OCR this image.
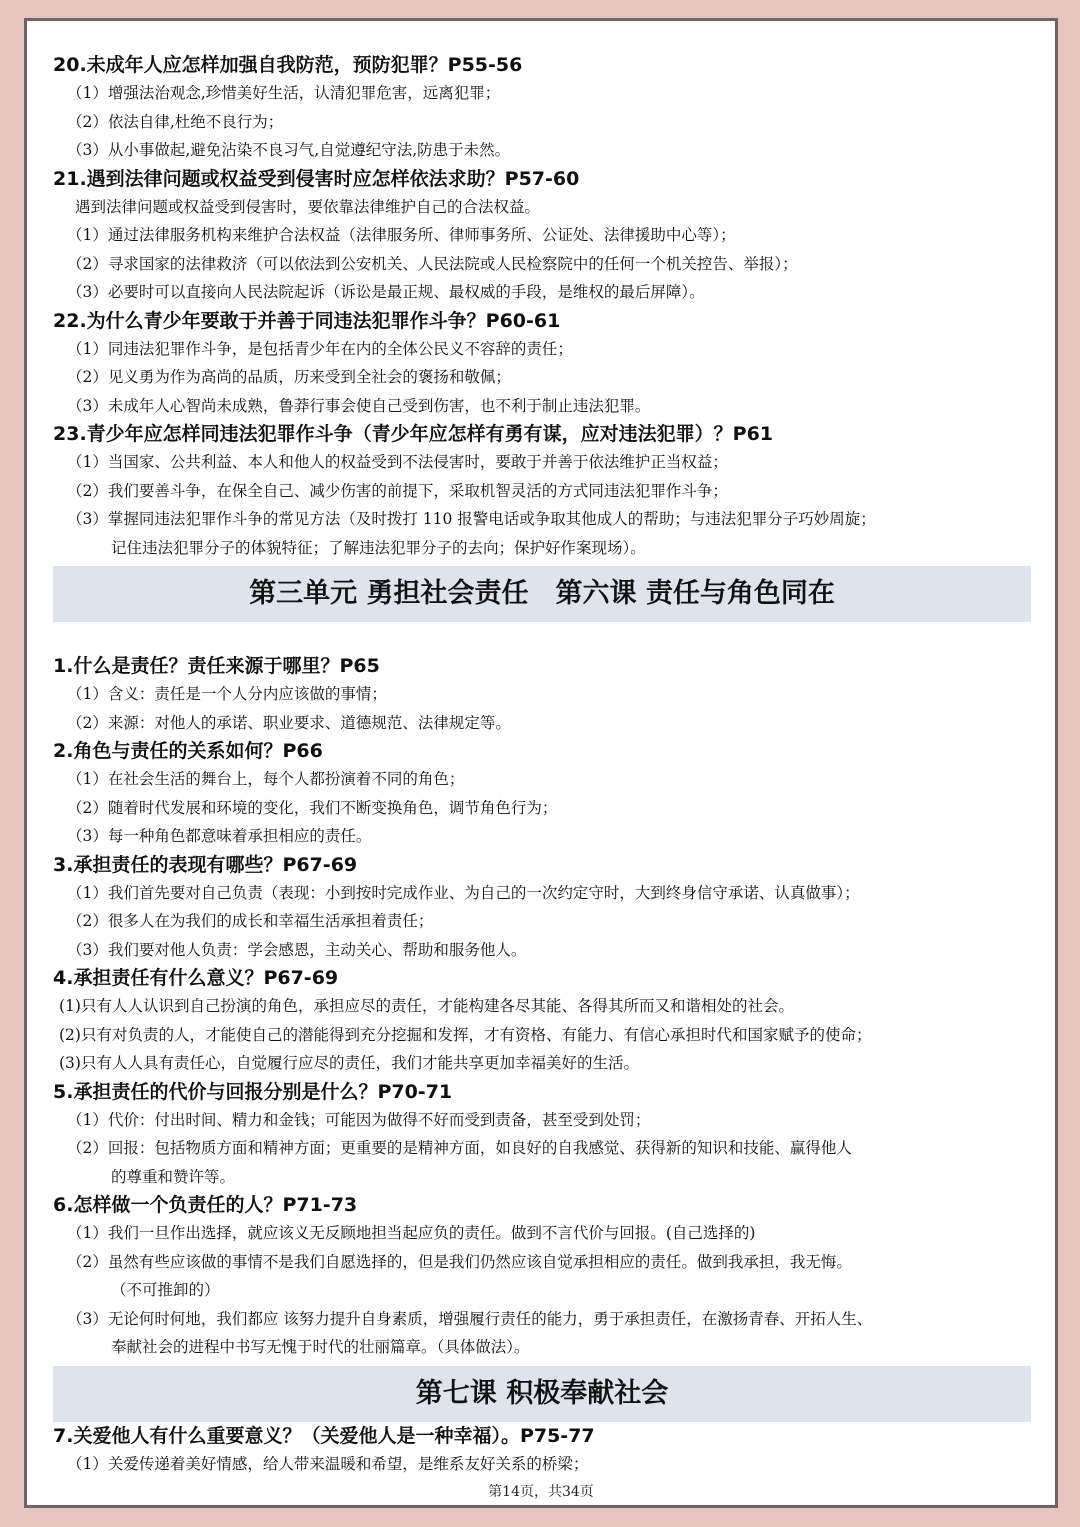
20.未成年人应怎样加强自我防范，预防犯罪？P55-56
（1）增强法治观念,珍惜美好生活，认清犯罪危害，远离犯罪；
（2）依法自律,杜绝不良行为；
（3）从小事做起,避免沾染不良习气,自觉遵纪守法,防患于未然。
21.遇到法律问题或权益受到侵害时应怎样依法求助？P57-60
遇到法律问题或权益受到侵害时，要依靠法律维护自己的合法权益。
（1）通过法律服务机构来维护合法权益（法律服务所、律师事务所、公证处、法律援助中心等）；
（2）寻求国家的法律救济（可以依法到公安机关、人民法院或人民检察院中的任何一个机关控告、举报）；
（3）必要时可以直接向人民法院起诉（诉讼是最正规、最权威的手段，是维权的最后屏障）。
22.为什么青少年要敢于并善于同违法犯罪作斗争？P60-61
（1）同违法犯罪作斗争，是包括青少年在内的全体公民义不容辞的责任；
（2）见义勇为作为高尚的品质，历来受到全社会的褒扬和敬佩；
（3）未成年人心智尚未成熟，鲁莽行事会使自己受到伤害，也不利于制止违法犯罪。
23.青少年应怎样同违法犯罪作斗争（青少年应怎样有勇有谋，应对违法犯罪）？P61
（1）当国家、公共利益、本人和他人的权益受到不法侵害时，要敢于并善于依法维护正当权益；
（2）我们要善斗争，在保全自己、减少伤害的前提下，采取机智灵活的方式同违法犯罪作斗争；
（3）掌握同违法犯罪作斗争的常见方法（及时拨打 110 报警电话或争取其他成人的帮助；与违法犯罪分子巧妙周旋；
记住违法犯罪分子的体貌特征；了解违法犯罪分子的去向；保护好作案现场）。
第三单元 勇担社会责任　第六课 责任与角色同在
1.什么是责任？责任来源于哪里？P65
（1）含义：责任是一个人分内应该做的事情；
（2）来源：对他人的承诺、职业要求、道德规范、法律规定等。
2.角色与责任的关系如何？P66
（1）在社会生活的舞台上，每个人都扮演着不同的角色；
（2）随着时代发展和环境的变化，我们不断变换角色，调节角色行为；
（3）每一种角色都意味着承担相应的责任。
3.承担责任的表现有哪些？P67-69
（1）我们首先要对自己负责（表现：小到按时完成作业、为自己的一次约定守时，大到终身信守承诺、认真做事）；
（2）很多人在为我们的成长和幸福生活承担着责任；
（3）我们要对他人负责：学会感恩，主动关心、帮助和服务他人。
4.承担责任有什么意义？P67-69
(1)只有人人认识到自己扮演的角色，承担应尽的责任，才能构建各尽其能、各得其所而又和谐相处的社会。
(2)只有对负责的人，才能使自己的潜能得到充分挖掘和发挥，才有资格、有能力、有信心承担时代和国家赋予的使命；
(3)只有人人具有责任心，自觉履行应尽的责任，我们才能共享更加幸福美好的生活。
5.承担责任的代价与回报分别是什么？P70-71
（1）代价：付出时间、精力和金钱；可能因为做得不好而受到责备，甚至受到处罚；
（2）回报：包括物质方面和精神方面；更重要的是精神方面，如良好的自我感觉、获得新的知识和技能、赢得他人
的尊重和赞许等。
6.怎样做一个负责任的人？P71-73
（1）我们一旦作出选择，就应该义无反顾地担当起应负的责任。做到不言代价与回报。(自己选择的)
（2）虽然有些应该做的事情不是我们自愿选择的，但是我们仍然应该自觉承担相应的责任。做到我承担，我无悔。
（不可推卸的）
（3）无论何时何地，我们都应 该努力提升自身素质，增强履行责任的能力，勇于承担责任，在激扬青春、开拓人生、
奉献社会的进程中书写无愧于时代的壮丽篇章。（具体做法）。
第七课 积极奉献社会
7.关爱他人有什么重要意义？（关爱他人是一种幸福）。P75-77
（1）关爱传递着美好情感，给人带来温暖和希望，是维系友好关系的桥梁；
第14页，共34页
